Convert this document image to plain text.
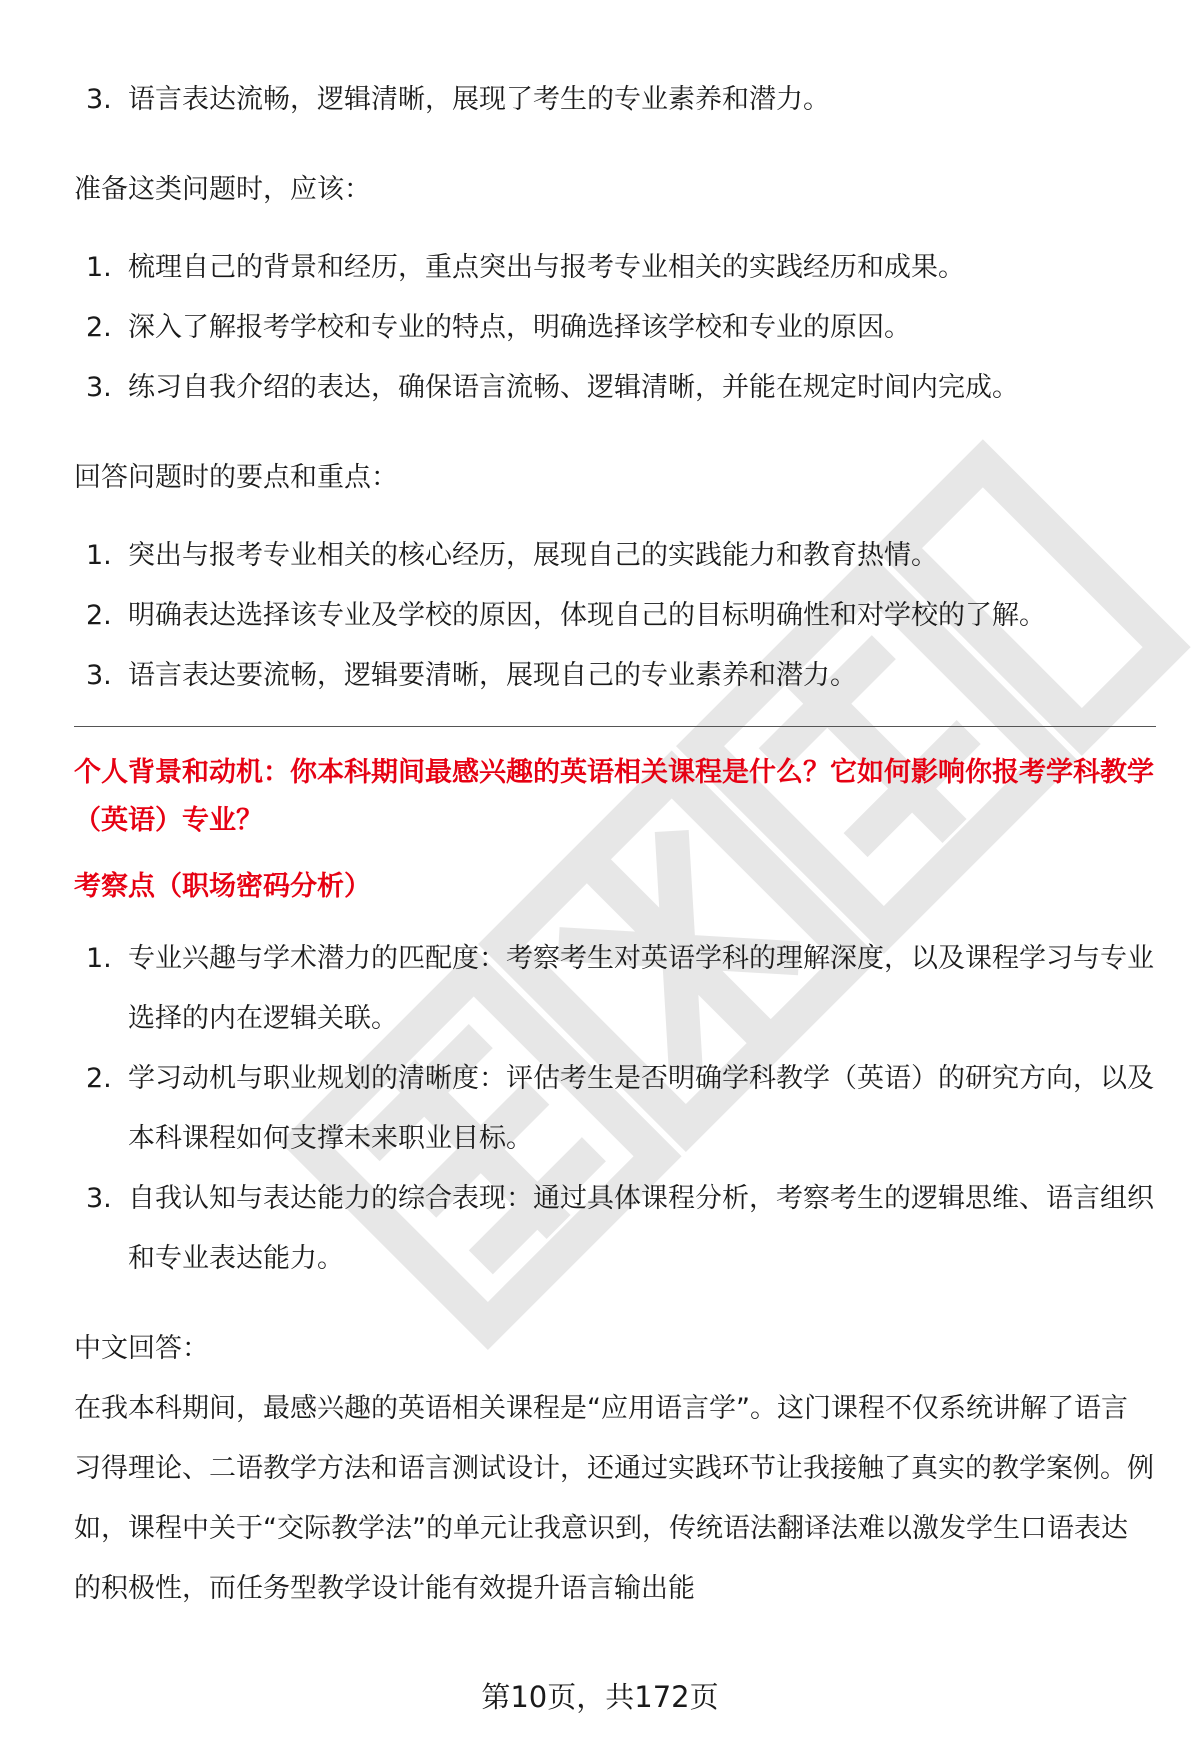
3. 语言表达流畅，逻辑清晰，展现了考生的专业素养和潜力。

准备这类问题时，应该：

1. 梳理自己的背景和经历，重点突出与报考专业相关的实践经历和成果。
2. 深入了解报考学校和专业的特点，明确选择该学校和专业的原因。
3. 练习自我介绍的表达，确保语言流畅、逻辑清晰，并能在规定时间内完成。

回答问题时的要点和重点：

1. 突出与报考专业相关的核心经历，展现自己的实践能力和教育热情。
2. 明确表达选择该专业及学校的原因，体现自己的目标明确性和对学校的了解。
3. 语言表达要流畅，逻辑要清晰，展现自己的专业素养和潜力。

个人背景和动机：你本科期间最感兴趣的英语相关课程是什么？它如何影响你报考学科教学（英语）专业？

考察点（职场密码分析）

1. 专业兴趣与学术潜力的匹配度：考察考生对英语学科的理解深度，以及课程学习与专业选择的内在逻辑关联。
2. 学习动机与职业规划的清晰度：评估考生是否明确学科教学（英语）的研究方向，以及本科课程如何支撑未来职业目标。
3. 自我认知与表达能力的综合表现：通过具体课程分析，考察考生的逻辑思维、语言组织和专业表达能力。

中文回答：

在我本科期间，最感兴趣的英语相关课程是“应用语言学”。这门课程不仅系统讲解了语言习得理论、二语教学方法和语言测试设计，还通过实践环节让我接触了真实的教学案例。例如，课程中关于“交际教学法”的单元让我意识到，传统语法翻译法难以激发学生口语表达的积极性，而任务型教学设计能有效提升语言输出能

第10页，共172页
